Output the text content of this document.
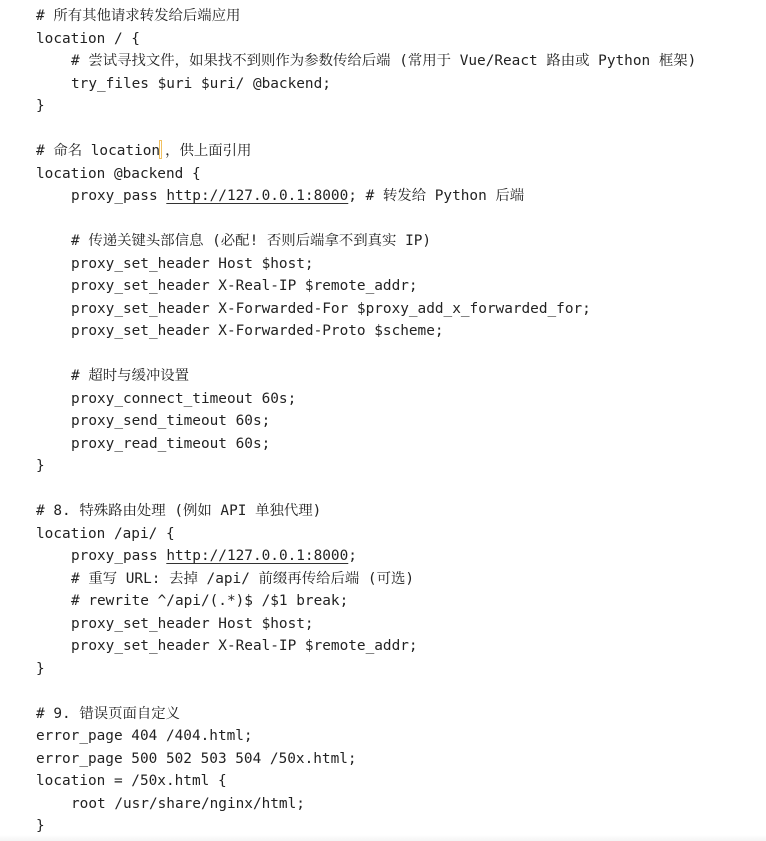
# 所有其他请求转发给后端应用
location / {
# 尝试寻找文件，如果找不到则作为参数传给后端 (常用于 Vue/React 路由或 Python 框架)
try_files $uri $uri/ @backend;
}
# 命名 location ，供上面引用
location @backend {
proxy_pass http://127.0.0.1:8000; # 转发给 Python 后端
# 传递关键头部信息 (必配! 否则后端拿不到真实 IP)
proxy_set_header Host $host;
proxy_set_header X-Real-IP $remote_addr;
proxy_set_header X-Forwarded-For $proxy_add_x_forwarded_for;
proxy_set_header X-Forwarded-Proto $scheme;
# 超时与缓冲设置
proxy_connect_timeout 60s;
proxy_send_timeout 60s;
proxy_read_timeout 60s;
}
# 8. 特殊路由处理 (例如 API 单独代理)
location /api/ {
proxy_pass http://127.0.0.1:8000;
# 重写 URL: 去掉 /api/ 前缀再传给后端 (可选)
# rewrite ^/api/(.*)$ /$1 break;
proxy_set_header Host $host;
proxy_set_header X-Real-IP $remote_addr;
}
# 9. 错误页面自定义
error_page 404 /404.html;
error_page 500 502 503 504 /50x.html;
location = /50x.html {
root /usr/share/nginx/html;
}
